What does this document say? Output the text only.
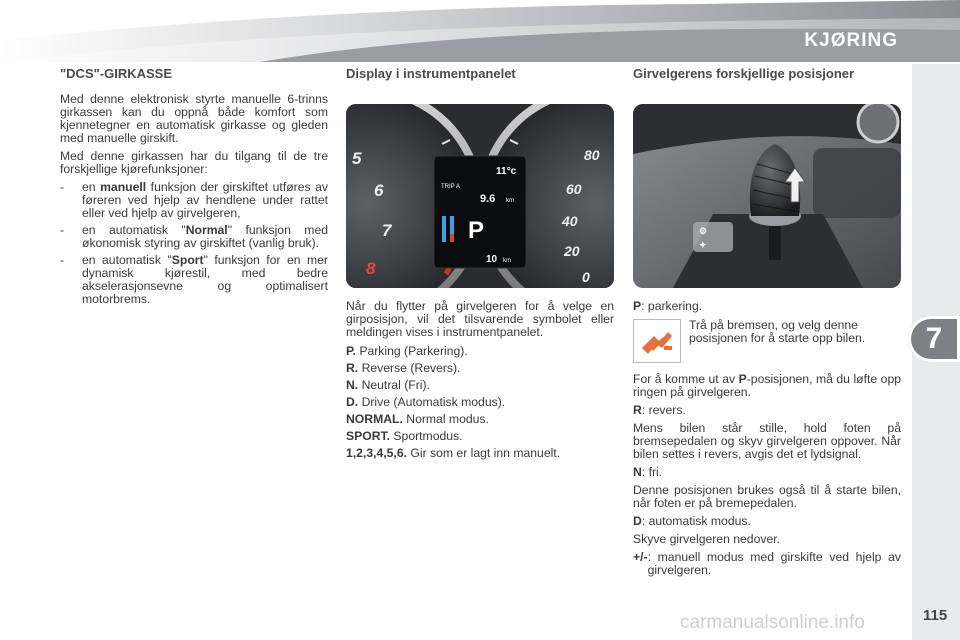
KJØRING
7
"DCS"-GIRKASSE

Med denne elektronisk styrte manuelle 6-trinns girkassen kan du oppnå både komfort som kjennetegner en automatisk girkasse og gleden med manuelle girskift.

Med denne girkassen har du tilgang til de tre forskjellige kjørefunksjoner:

-	en manuell funksjon der girskiftet utføres av føreren ved hjelp av hendlene under rattet eller ved hjelp av girvelgeren,
-	en automatisk "Normal" funksjon med økonomisk styring av girskiftet (vanlig bruk).
-	en automatisk "Sport" funksjon for en mer dynamisk kjørestil, med bedre akselerasjonsevne og optimalisert motorbrems.
Display i instrumentpanelet
5
6
7
8
80
60
40
20
0
11°c
TRIP A
9.6 km
P
10 km

Når du flytter på girvelgeren for å velge en girposisjon, vil det tilsvarende symbolet eller meldingen vises i instrumentpanelet.

P. Parking (Parkering).

R. Reverse (Revers).

N. Neutral (Fri).

D. Drive (Automatisk modus).

NORMAL. Normal modus.

SPORT. Sportmodus.

1,2,3,4,5,6. Gir som er lagt inn manuelt.

Girvelgerens forskjellige posisjoner
⚙
✦

P: parkering.

Trå på bremsen, og velg denne posisjonen for å starte opp bilen.

For å komme ut av P-posisjonen, må du løfte opp ringen på girvelgeren.

R: revers.

Mens bilen står stille, hold foten på bremsepedalen og skyv girvelgeren oppover. Når bilen settes i revers, avgis det et lydsignal.

N: fri.

Denne posisjonen brukes også til å starte bilen, når foten er på bremepedalen.

D: automatisk modus.

Skyve girvelgeren nedover.

+/- : manuell modus med girskifte ved hjelp av girvelgeren.
115
carmanualsonline.info
